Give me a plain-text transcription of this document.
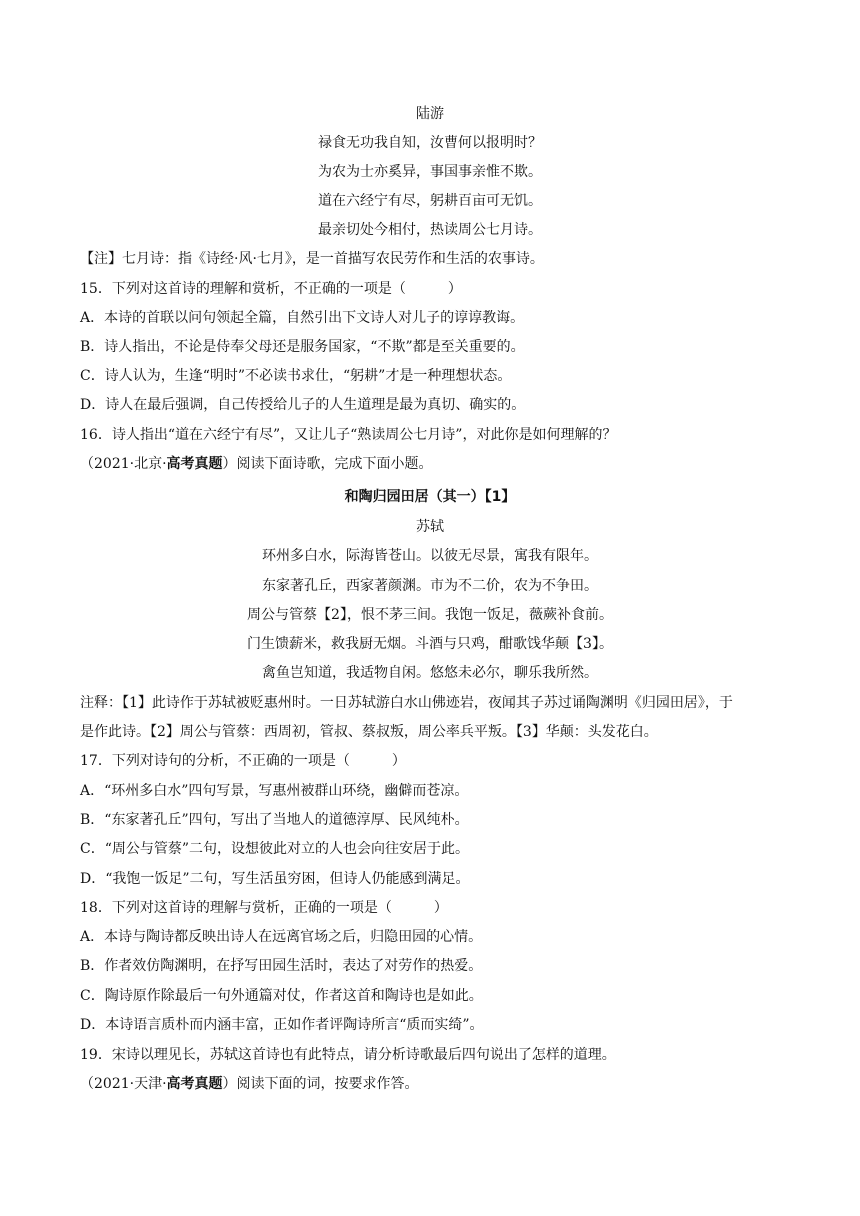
陆游
禄食无功我自知，汝曹何以报明时？
为农为士亦奚异，事国事亲惟不欺。
道在六经宁有尽，躬耕百亩可无饥。
最亲切处今相付，热读周公七月诗。
【注】七月诗：指《诗经·风·七月》，是一首描写农民劳作和生活的农事诗。
15．下列对这首诗的理解和赏析，不正确的一项是（	）
A．本诗的首联以问句领起全篇，自然引出下文诗人对儿子的谆谆教诲。
B．诗人指出，不论是侍奉父母还是服务国家，“不欺”都是至关重要的。
C．诗人认为，生逢“明时”不必读书求仕，“躬耕”才是一种理想状态。
D．诗人在最后强调，自己传授给儿子的人生道理是最为真切、确实的。
16．诗人指出“道在六经宁有尽”，又让儿子“熟读周公七月诗”，对此你是如何理解的？
（2021·北京·高考真题）阅读下面诗歌，完成下面小题。
和陶归园田居（其一）【1】
苏轼
环州多白水，际海皆苍山。以彼无尽景，寓我有限年。
东家著孔丘，西家著颜渊。市为不二价，农为不争田。
周公与管蔡【2】，恨不茅三间。我饱一饭足，薇蕨补食前。
门生馈薪米，救我厨无烟。斗酒与只鸡，酣歌饯华颠【3】。
禽鱼岂知道，我适物自闲。悠悠未必尔，聊乐我所然。
注释：【1】此诗作于苏轼被贬惠州时。一日苏轼游白水山佛迹岩，夜闻其子苏过诵陶渊明《归园田居》，于
是作此诗。【2】周公与管蔡：西周初，管叔、蔡叔叛，周公率兵平叛。【3】华颠：头发花白。
17．下列对诗句的分析，不正确的一项是（	）
A．“环州多白水”四句写景，写惠州被群山环绕，幽僻而苍凉。
B．“东家著孔丘”四句，写出了当地人的道德淳厚、民风纯朴。
C．“周公与管蔡”二句，设想彼此对立的人也会向往安居于此。
D．“我饱一饭足”二句，写生活虽穷困，但诗人仍能感到满足。
18．下列对这首诗的理解与赏析，正确的一项是（	）
A．本诗与陶诗都反映出诗人在远离官场之后，归隐田园的心情。
B．作者效仿陶渊明，在抒写田园生活时，表达了对劳作的热爱。
C．陶诗原作除最后一句外通篇对仗，作者这首和陶诗也是如此。
D．本诗语言质朴而内涵丰富，正如作者评陶诗所言“质而实绮”。
19．宋诗以理见长，苏轼这首诗也有此特点，请分析诗歌最后四句说出了怎样的道理。
（2021·天津·高考真题）阅读下面的词，按要求作答。
